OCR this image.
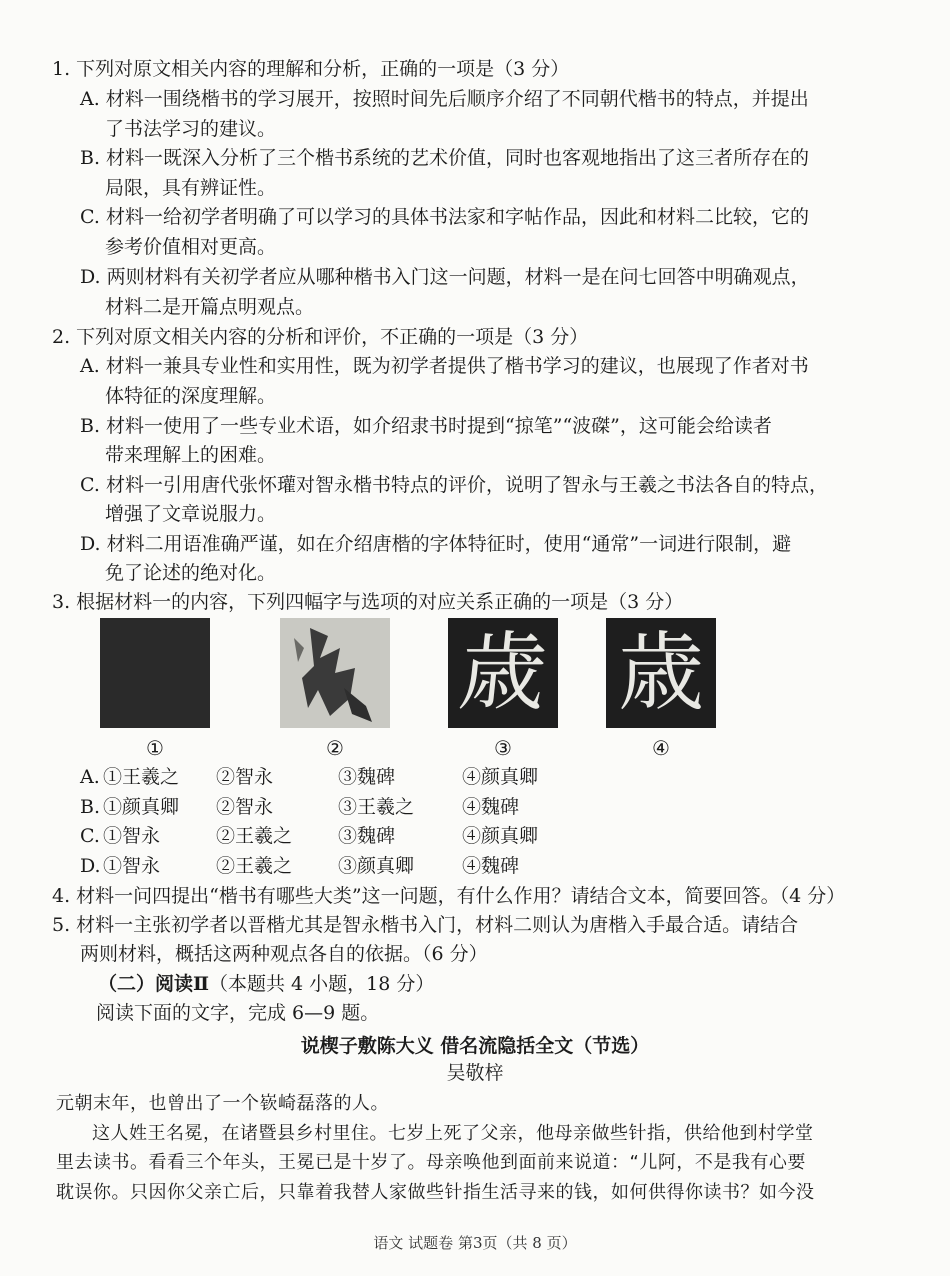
1. 下列对原文相关内容的理解和分析，正确的一项是（3 分）
A. 材料一围绕楷书的学习展开，按照时间先后顺序介绍了不同朝代楷书的特点，并提出
了书法学习的建议。
B. 材料一既深入分析了三个楷书系统的艺术价值，同时也客观地指出了这三者所存在的
局限，具有辨证性。
C. 材料一给初学者明确了可以学习的具体书法家和字帖作品，因此和材料二比较，它的
参考价值相对更高。
D. 两则材料有关初学者应从哪种楷书入门这一问题，材料一是在问七回答中明确观点，
材料二是开篇点明观点。
2. 下列对原文相关内容的分析和评价，不正确的一项是（3 分）
A. 材料一兼具专业性和实用性，既为初学者提供了楷书学习的建议，也展现了作者对书
体特征的深度理解。
B. 材料一使用了一些专业术语，如介绍隶书时提到“掠笔”“波磔”，这可能会给读者
带来理解上的困难。
C. 材料一引用唐代张怀瓘对智永楷书特点的评价，说明了智永与王羲之书法各自的特点，
增强了文章说服力。
D. 材料二用语准确严谨，如在介绍唐楷的字体特征时，使用“通常”一词进行限制，避
免了论述的绝对化。
3. 根据材料一的内容，下列四幅字与选项的对应关系正确的一项是（3 分）
歳 歳
①	②	③	④
A. ①王羲之 ②智永	③魏碑	④颜真卿
B. ①颜真卿 ②智永	③王羲之	④魏碑
C. ①智永	②王羲之 ③魏碑	④颜真卿
D. ①智永	②王羲之 ③颜真卿	④魏碑
4. 材料一问四提出“楷书有哪些大类”这一问题，有什么作用？请结合文本，简要回答。（4 分）
5. 材料一主张初学者以晋楷尤其是智永楷书入门，材料二则认为唐楷入手最合适。请结合
两则材料，概括这两种观点各自的依据。（6 分）
（二）阅读Ⅱ（本题共 4 小题，18 分）
阅读下面的文字，完成 6—9 题。
说楔子敷陈大义 借名流隐括全文（节选）
吴敬梓
元朝末年，也曾出了一个嵚崎磊落的人。
这人姓王名冕，在诸暨县乡村里住。七岁上死了父亲，他母亲做些针指，供给他到村学堂
里去读书。看看三个年头，王冕已是十岁了。母亲唤他到面前来说道：“儿阿，不是我有心要
耽误你。只因你父亲亡后，只靠着我替人家做些针指生活寻来的钱，如何供得你读书？如今没
语文 试题卷 第3页（共 8 页）
